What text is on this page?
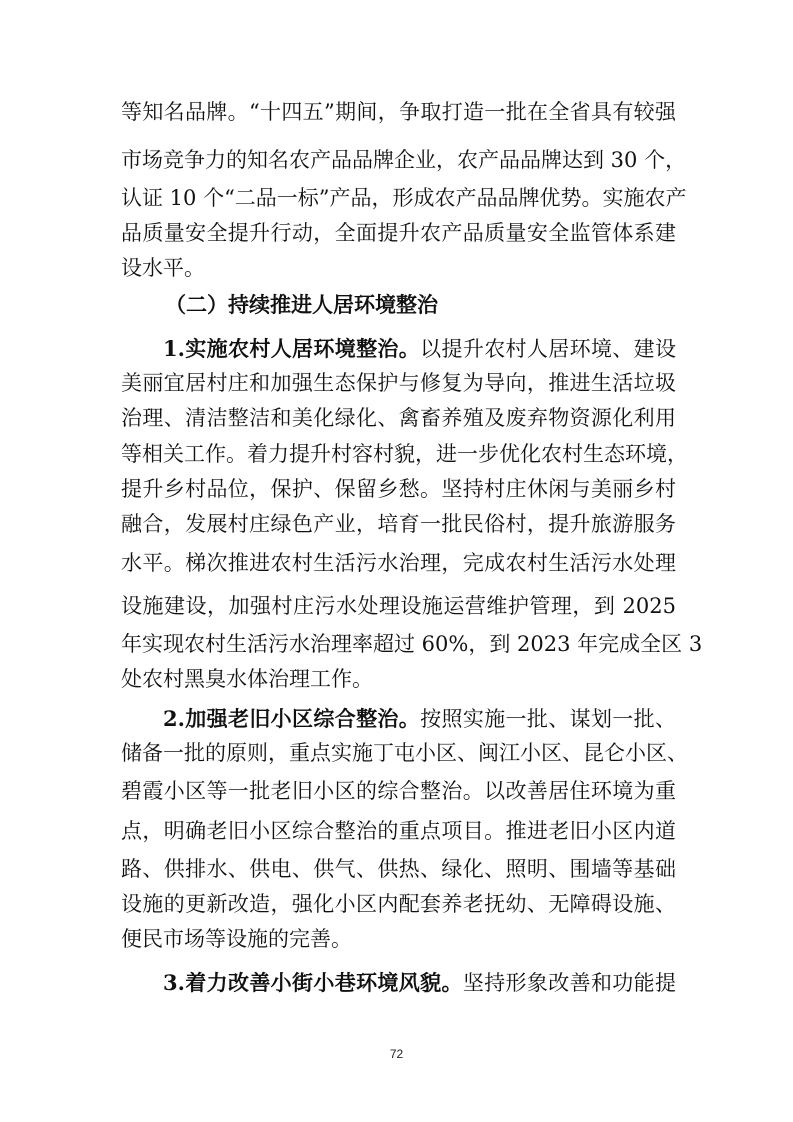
等知名品牌。“十四五”期间，争取打造一批在全省具有较强
市场竞争力的知名农产品品牌企业，农产品品牌达到 30 个，
认证 10 个“二品一标”产品，形成农产品品牌优势。实施农产
品质量安全提升行动，全面提升农产品质量安全监管体系建
设水平。
（二）持续推进人居环境整治
1.实施农村人居环境整治。以提升农村人居环境、建设
美丽宜居村庄和加强生态保护与修复为导向，推进生活垃圾
治理、清洁整洁和美化绿化、禽畜养殖及废弃物资源化利用
等相关工作。着力提升村容村貌，进一步优化农村生态环境，
提升乡村品位，保护、保留乡愁。坚持村庄休闲与美丽乡村
融合，发展村庄绿色产业，培育一批民俗村，提升旅游服务
水平。梯次推进农村生活污水治理，完成农村生活污水处理
设施建设，加强村庄污水处理设施运营维护管理，到 2025
年实现农村生活污水治理率超过 60%，到 2023 年完成全区 3
处农村黑臭水体治理工作。
2.加强老旧小区综合整治。按照实施一批、谋划一批、
储备一批的原则，重点实施丁屯小区、闽江小区、昆仑小区、
碧霞小区等一批老旧小区的综合整治。以改善居住环境为重
点，明确老旧小区综合整治的重点项目。推进老旧小区内道
路、供排水、供电、供气、供热、绿化、照明、围墙等基础
设施的更新改造，强化小区内配套养老抚幼、无障碍设施、
便民市场等设施的完善。
3.着力改善小街小巷环境风貌。坚持形象改善和功能提
72
